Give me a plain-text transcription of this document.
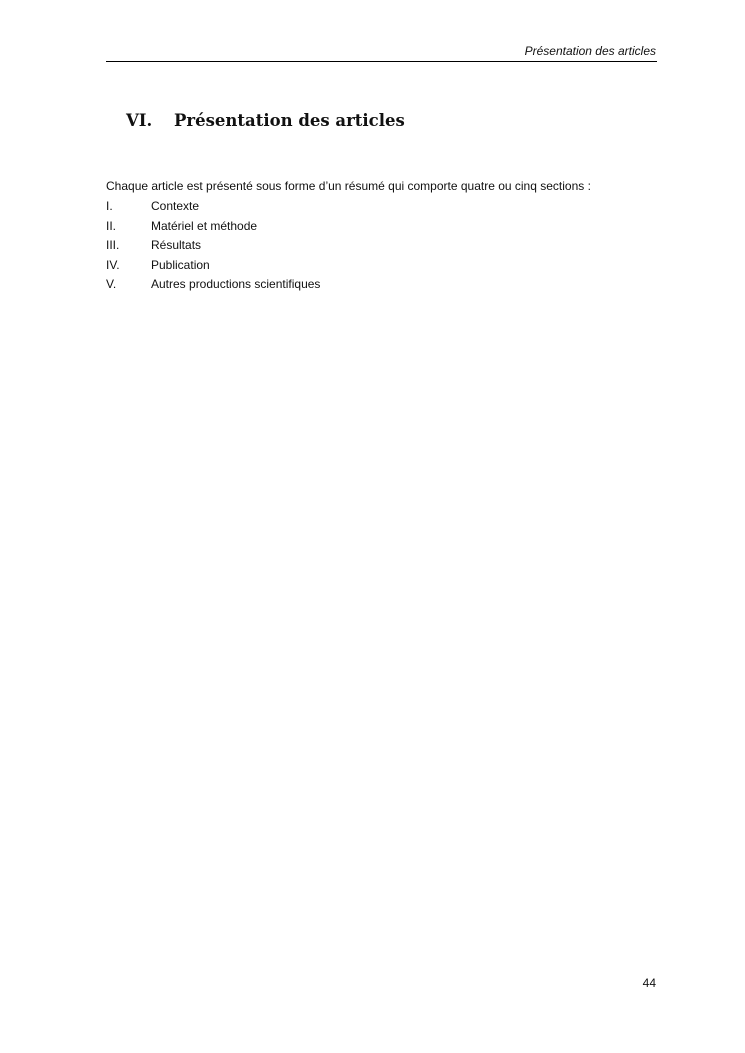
Présentation des articles
VI. Présentation des articles

Chaque article est présenté sous forme d’un résumé qui comporte quatre ou cinq sections :

I.	Contexte
II.	Matériel et méthode
III.	Résultats
IV.	Publication
V.	Autres productions scientifiques
44
